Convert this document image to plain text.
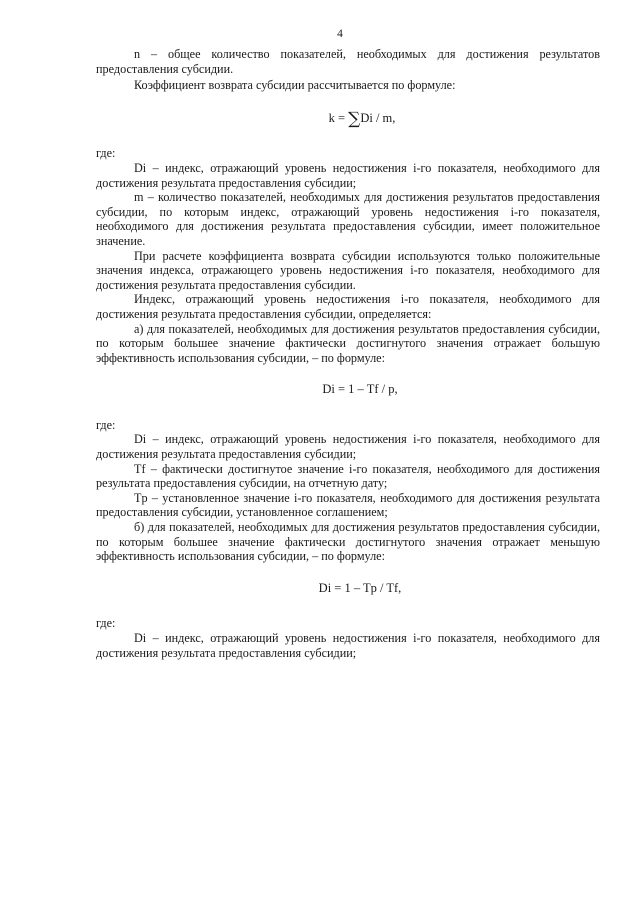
4

n – общее количество показателей, необходимых для достижения результатов предоставления субсидии.

Коэффициент возврата субсидии рассчитывается по формуле:

k = ∑Di / m,

где:

Di – индекс, отражающий уровень недостижения i-го показателя, необходимого для достижения результата предоставления субсидии;

m – количество показателей, необходимых для достижения результатов предоставления субсидии, по которым индекс, отражающий уровень недостижения i-го показателя, необходимого для достижения результата предоставления субсидии, имеет положительное значение.

При расчете коэффициента возврата субсидии используются только положительные значения индекса, отражающего уровень недостижения i-го показателя, необходимого для достижения результата предоставления субсидии.

Индекс, отражающий уровень недостижения i-го показателя, необходимого для достижения результата предоставления субсидии, определяется:

а) для показателей, необходимых для достижения результатов предоставления субсидии, по которым большее значение фактически достигнутого значения отражает большую эффективность использования субсидии, – по формуле:

Di = 1 – Tf / p,

где:

Di – индекс, отражающий уровень недостижения i-го показателя, необходимого для достижения результата предоставления субсидии;

Tf – фактически достигнутое значение i-го показателя, необходимого для достижения результата предоставления субсидии, на отчетную дату;

Tp – установленное значение i-го показателя, необходимого для достижения результата предоставления субсидии, установленное соглашением;

б) для показателей, необходимых для достижения результатов предоставления субсидии, по которым большее значение фактически достигнутого значения отражает меньшую эффективность использования субсидии, – по формуле:

Di = 1 – Tp / Tf,

где:

Di – индекс, отражающий уровень недостижения i-го показателя, необходимого для достижения результата предоставления субсидии;
